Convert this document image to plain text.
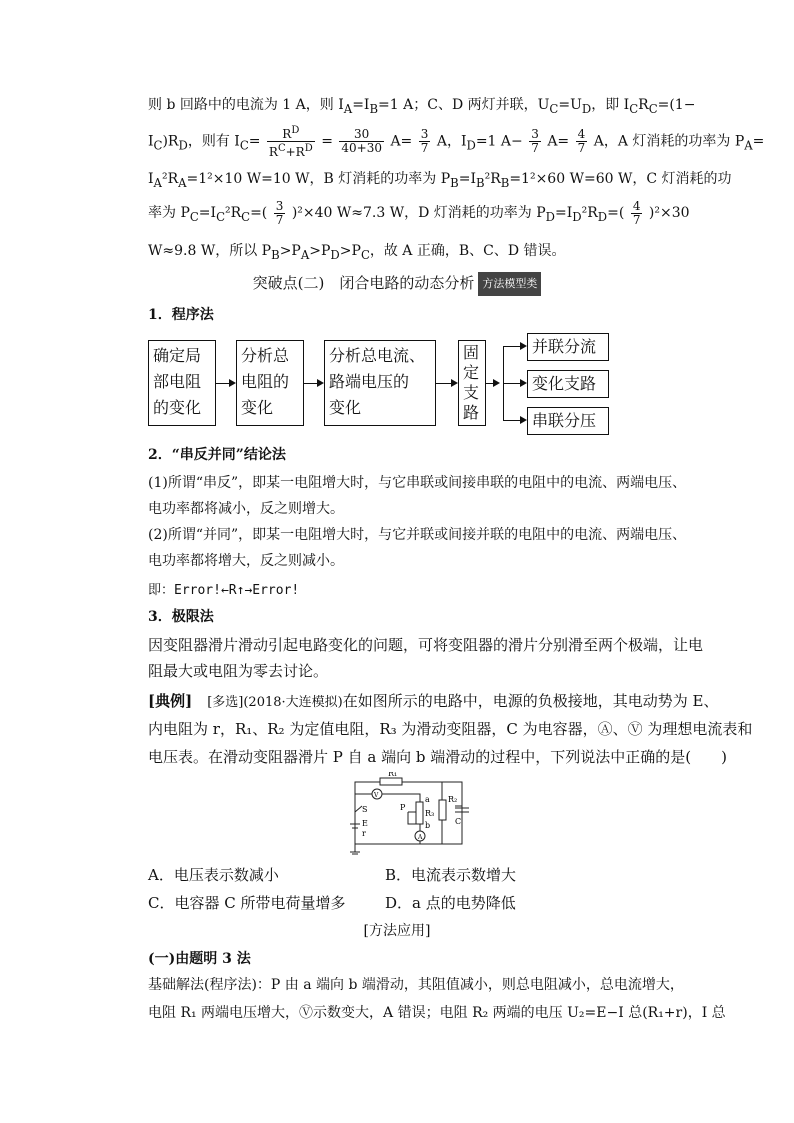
则 b 回路中的电流为 1 A，则 $I_A=I_B=1$ A；C、D 两灯并联，$U_C=U_D$，即 $I_CR_C=(1-$
$I_C)R_D$，则有 $I_C= \frac{R^D}{R^C+R^D} = \frac{30}{40+30} A= \frac{3}{7}$ A，$I_D=1$ $A- \frac{3}{7} A= \frac{4}{7}$ A，A 灯消耗的功率为 $P_A=$
$I_A^2R_A=1^2\times 10$ W=10 W，B 灯消耗的功率为 $P_B=I_B^2R_B=1^2\times 60$ W=60 W，C 灯消耗的功
率为 $P_C=I_C^2R_C=( \frac{3}{7} )^2\times 40$ W≈7.3 W，D 灯消耗的功率为 $P_D=I_D^2R_D=( \frac{4}{7} )^2\times 30$
W≈9.8 W，所以 $P_B>P_A>P_D>P_C$，故 A 正确，B、C、D 错误。
突破点(二)　闭合电路的动态分析 方法模型类
1．程序法
确定局
部电阻
的变化
分析总
电阻的
变化
分析总电流、
路端电压的
变化
固
定
支
路
并联分流
变化支路
串联分压
2．“串反并同”结论法
(1)所谓“串反”，即某一电阻增大时，与它串联或间接串联的电阻中的电流、两端电压、
电功率都将减小，反之则增大。
(2)所谓“并同”，即某一电阻增大时，与它并联或间接并联的电阻中的电流、两端电压、
电功率都将增大，反之则减小。
即：Error!←R↑→Error!
3．极限法
因变阻器滑片滑动引起电路变化的问题，可将变阻器的滑片分别滑至两个极端，让电
阻最大或电阻为零去讨论。
[典例]　 [多选](2018·大连模拟)在如图所示的电路中，电源的负极接地，其电动势为 E、
内电阻为 r，R₁、R₂ 为定值电阻，R₃ 为滑动变阻器，C 为电容器，Ⓐ、Ⓥ 为理想电流表和
电压表。在滑动变阻器滑片 P 自 a 端向 b 端滑动的过程中，下列说法中正确的是(　　)
R₁
V
A
R₃
P
a
b
R₂
C
S
E
r
A．电压表示数减小	B．电流表示数增大
C．电容器 C 所带电荷量增多	D．a 点的电势降低
[方法应用]
(一)由题明 3 法
基础解法(程序法)：P 由 a 端向 b 端滑动，其阻值减小，则总电阻减小，总电流增大，
电阻 R₁ 两端电压增大，Ⓥ示数变大，A 错误；电阻 R₂ 两端的电压 U₂=E−I 总(R₁+r)，I 总
